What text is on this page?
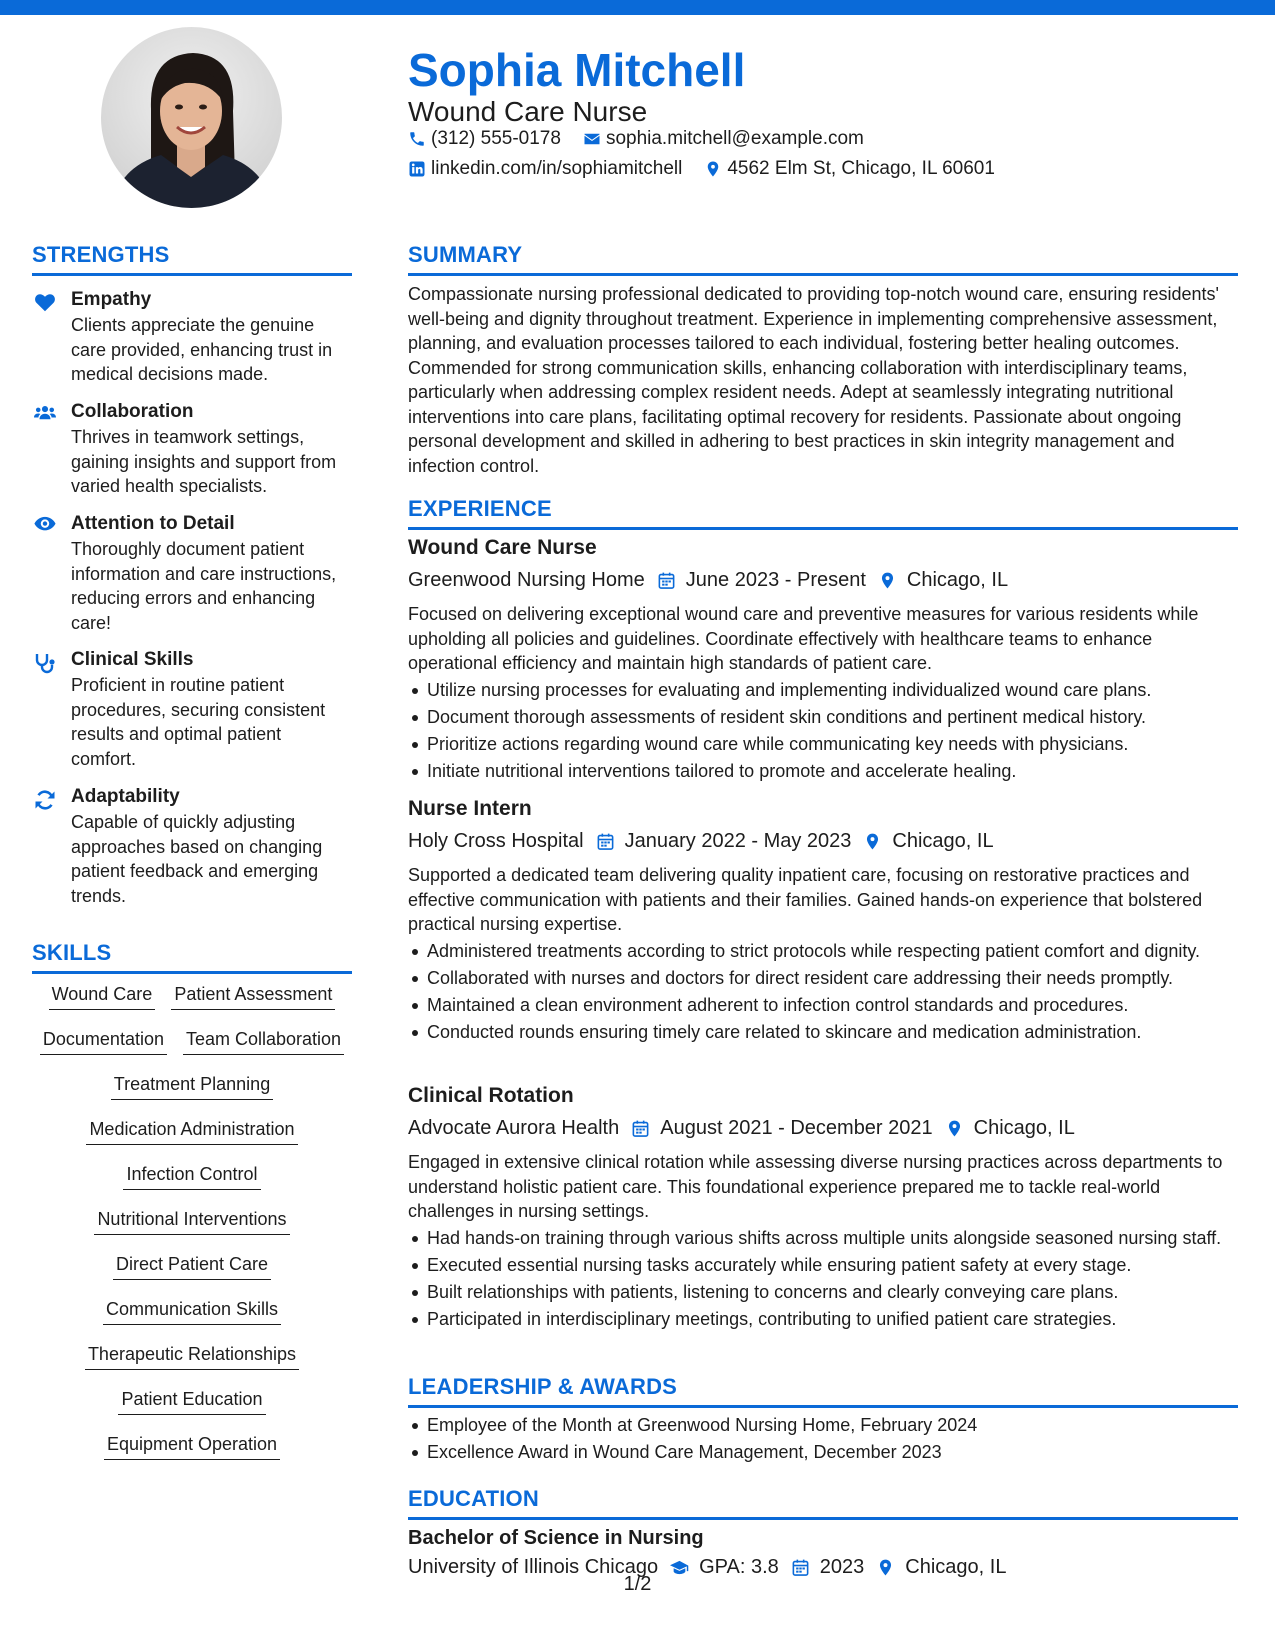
Sophia Mitchell
Wound Care Nurse
(312) 555-0178 sophia.mitchell@example.com
linkedin.com/in/sophiamitchell 4562 Elm St, Chicago, IL 60601
STRENGTHS
Empathy
Clients appreciate the genuine care provided, enhancing trust in medical decisions made.
Collaboration
Thrives in teamwork settings, gaining insights and support from varied health specialists.
Attention to Detail
Thoroughly document patient information and care instructions, reducing errors and enhancing care!
Clinical Skills
Proficient in routine patient procedures, securing consistent results and optimal patient comfort.
Adaptability
Capable of quickly adjusting approaches based on changing patient feedback and emerging trends.
SKILLS
Wound Care Patient Assessment
Documentation Team Collaboration
Treatment Planning
Medication Administration
Infection Control
Nutritional Interventions
Direct Patient Care
Communication Skills
Therapeutic Relationships
Patient Education
Equipment Operation
SUMMARY
Compassionate nursing professional dedicated to providing top-notch wound care, ensuring residents' well-being and dignity throughout treatment. Experience in implementing comprehensive assessment, planning, and evaluation processes tailored to each individual, fostering better healing outcomes. Commended for strong communication skills, enhancing collaboration with interdisciplinary teams, particularly when addressing complex resident needs. Adept at seamlessly integrating nutritional interventions into care plans, facilitating optimal recovery for residents. Passionate about ongoing personal development and skilled in adhering to best practices in skin integrity management and infection control.
EXPERIENCE
Wound Care Nurse
Greenwood Nursing Home June 2023 - Present Chicago, IL
Focused on delivering exceptional wound care and preventive measures for various residents while upholding all policies and guidelines. Coordinate effectively with healthcare teams to enhance operational efficiency and maintain high standards of patient care.
Utilize nursing processes for evaluating and implementing individualized wound care plans.
Document thorough assessments of resident skin conditions and pertinent medical history.
Prioritize actions regarding wound care while communicating key needs with physicians.
Initiate nutritional interventions tailored to promote and accelerate healing.
Nurse Intern
Holy Cross Hospital January 2022 - May 2023 Chicago, IL
Supported a dedicated team delivering quality inpatient care, focusing on restorative practices and effective communication with patients and their families. Gained hands-on experience that bolstered practical nursing expertise.
Administered treatments according to strict protocols while respecting patient comfort and dignity.
Collaborated with nurses and doctors for direct resident care addressing their needs promptly.
Maintained a clean environment adherent to infection control standards and procedures.
Conducted rounds ensuring timely care related to skincare and medication administration.
Clinical Rotation
Advocate Aurora Health August 2021 - December 2021 Chicago, IL
Engaged in extensive clinical rotation while assessing diverse nursing practices across departments to understand holistic patient care. This foundational experience prepared me to tackle real-world challenges in nursing settings.
Had hands-on training through various shifts across multiple units alongside seasoned nursing staff.
Executed essential nursing tasks accurately while ensuring patient safety at every stage.
Built relationships with patients, listening to concerns and clearly conveying care plans.
Participated in interdisciplinary meetings, contributing to unified patient care strategies.
LEADERSHIP & AWARDS
Employee of the Month at Greenwood Nursing Home, February 2024
Excellence Award in Wound Care Management, December 2023
EDUCATION
Bachelor of Science in Nursing
University of Illinois Chicago GPA: 3.8 2023 Chicago, IL
1/2
